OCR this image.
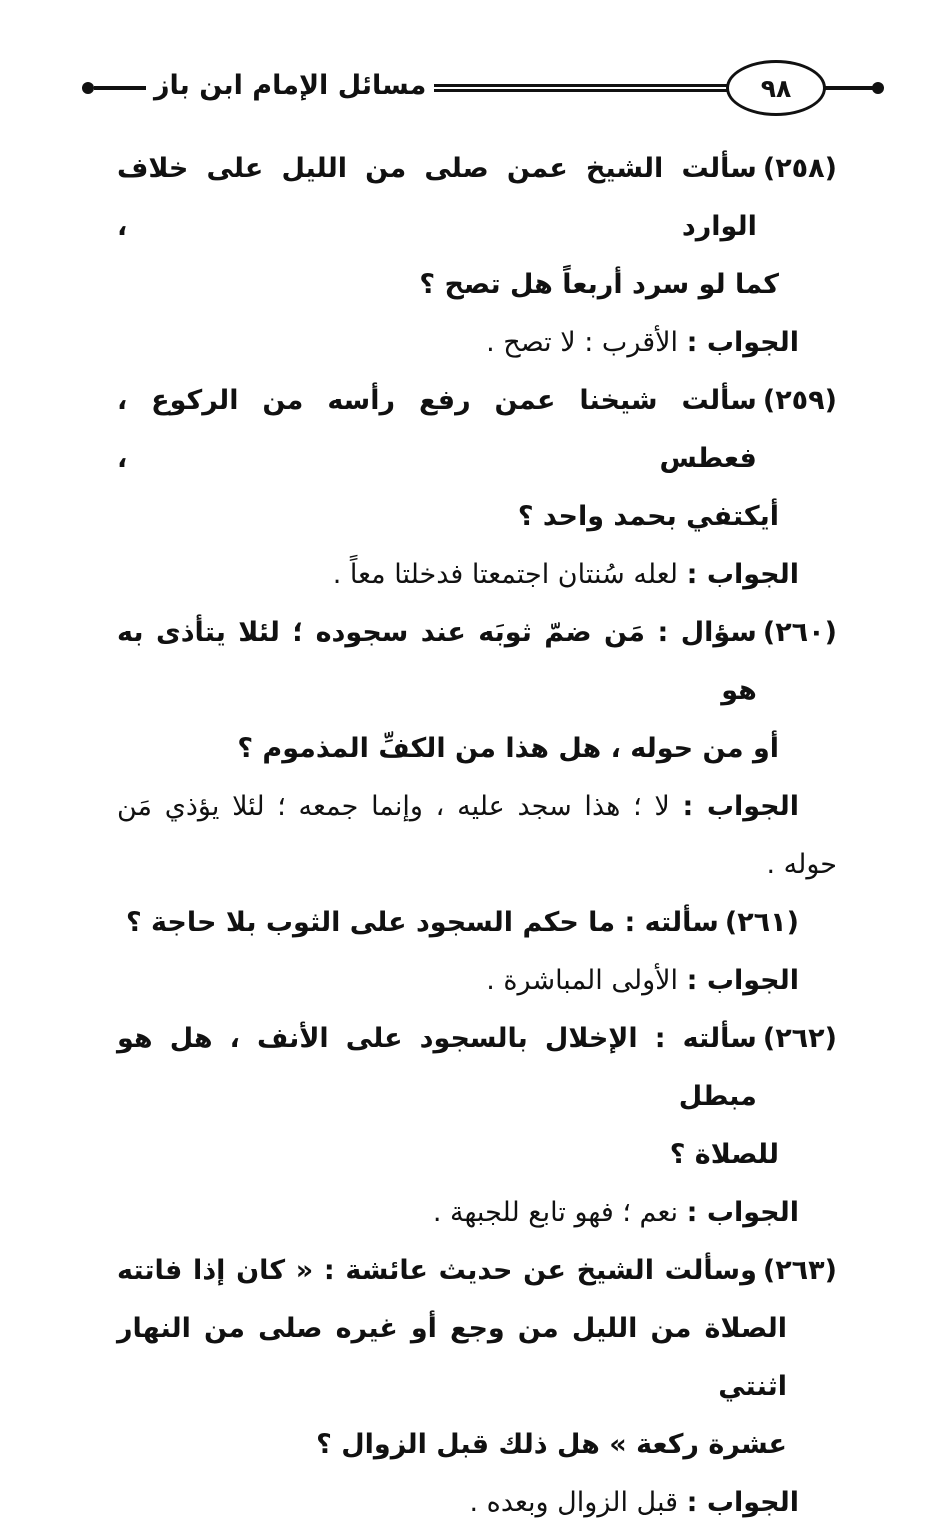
٩٨
مسائل الإمام ابن باز
(٢٥٨)
سألت الشيخ عمن صلى من الليل على خلاف الوارد ،
كما لو سرد أربعاً هل تصح ؟
الجواب : الأقرب : لا تصح .
(٢٥٩)
سألت شيخنا عمن رفع رأسه من الركوع ، فعطس ،
أيكتفي بحمد واحد ؟
الجواب : لعله سُنتان اجتمعتا فدخلتا معاً .
(٢٦٠)
سؤال : مَن ضمّ ثوبَه عند سجوده ؛ لئلا يتأذى به هو
أو من حوله ، هل هذا من الكفِّ المذموم ؟
الجواب : لا ؛ هذا سجد عليه ، وإنما جمعه ؛ لئلا يؤذي مَن
حوله .
(٢٦١)
سألته : ما حكم السجود على الثوب بلا حاجة ؟
الجواب : الأولى المباشرة .
(٢٦٢)
سألته : الإخلال بالسجود على الأنف ، هل هو مبطل
للصلاة ؟
الجواب : نعم ؛ فهو تابع للجبهة .
(٢٦٣)
وسألت الشيخ عن حديث عائشة : « كان إذا فاتته
الصلاة من الليل من وجع أو غيره صلى من النهار اثنتي
عشرة ركعة » هل ذلك قبل الزوال ؟
الجواب : قبل الزوال وبعده .
